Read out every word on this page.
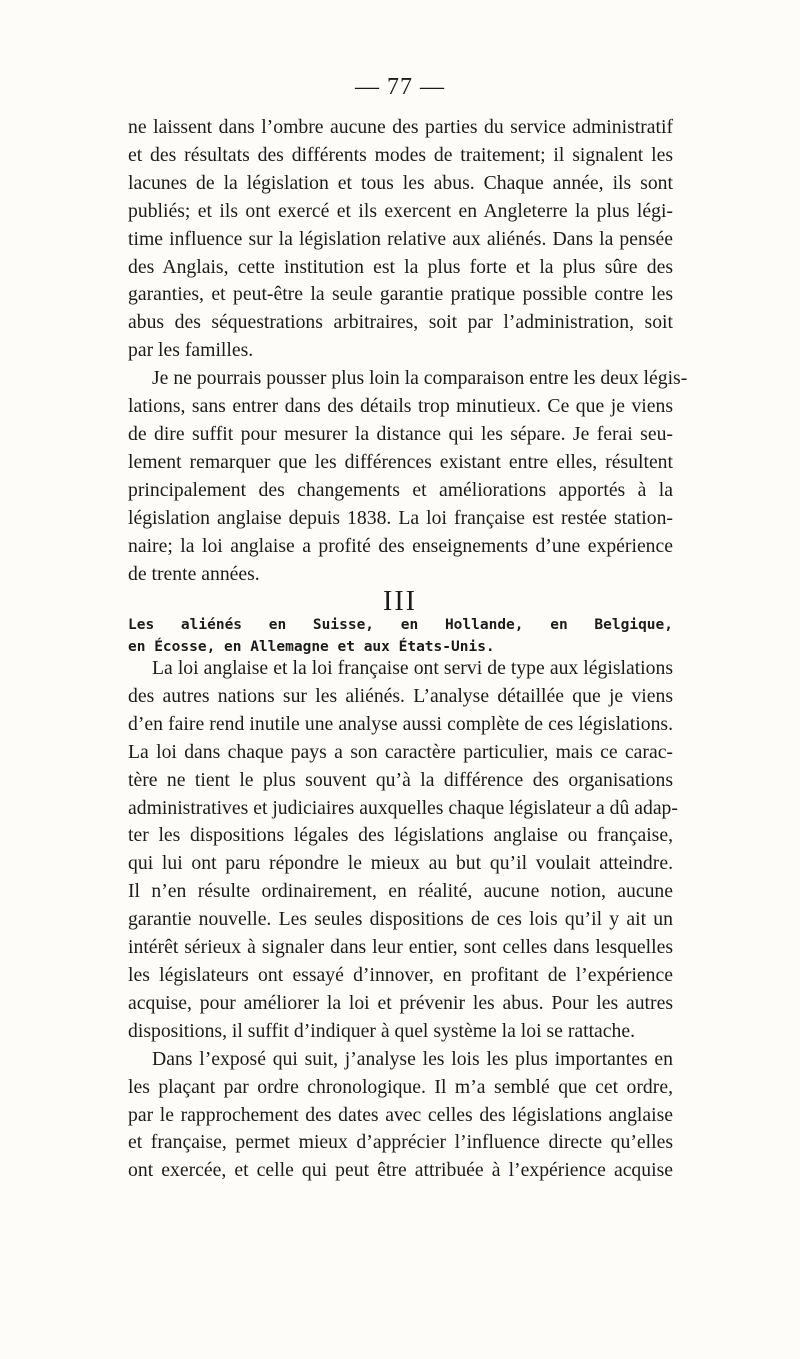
— 77 —

ne laissent dans l’ombre aucune des parties du service administratif
et des résultats des différents modes de traitement; il signalent les
lacunes de la législation et tous les abus. Chaque année, ils sont
publiés; et ils ont exercé et ils exercent en Angleterre la plus légi-
time influence sur la législation relative aux aliénés. Dans la pensée
des Anglais, cette institution est la plus forte et la plus sûre des
garanties, et peut-être la seule garantie pratique possible contre les
abus des séquestrations arbitraires, soit par l’administration, soit
par les familles.

Je ne pourrais pousser plus loin la comparaison entre les deux légis-
lations, sans entrer dans des détails trop minutieux. Ce que je viens
de dire suffit pour mesurer la distance qui les sépare. Je ferai seu-
lement remarquer que les différences existant entre elles, résultent
principalement des changements et améliorations apportés à la
législation anglaise depuis 1838. La loi française est restée station-
naire; la loi anglaise a profité des enseignements d’une expérience
de trente années.

III
Les aliénés en Suisse, en Hollande, en Belgique,
en Écosse, en Allemagne et aux États-Unis.

La loi anglaise et la loi française ont servi de type aux législations
des autres nations sur les aliénés. L’analyse détaillée que je viens
d’en faire rend inutile une analyse aussi complète de ces législations.
La loi dans chaque pays a son caractère particulier, mais ce carac-
tère ne tient le plus souvent qu’à la différence des organisations
administratives et judiciaires auxquelles chaque législateur a dû adap-
ter les dispositions légales des législations anglaise ou française,
qui lui ont paru répondre le mieux au but qu’il voulait atteindre.
Il n’en résulte ordinairement, en réalité, aucune notion, aucune
garantie nouvelle. Les seules dispositions de ces lois qu’il y ait un
intérêt sérieux à signaler dans leur entier, sont celles dans lesquelles
les législateurs ont essayé d’innover, en profitant de l’expérience
acquise, pour améliorer la loi et prévenir les abus. Pour les autres
dispositions, il suffit d’indiquer à quel système la loi se rattache.

Dans l’exposé qui suit, j’analyse les lois les plus importantes en
les plaçant par ordre chronologique. Il m’a semblé que cet ordre,
par le rapprochement des dates avec celles des législations anglaise
et française, permet mieux d’apprécier l’influence directe qu’elles
ont exercée, et celle qui peut être attribuée à l’expérience acquise
